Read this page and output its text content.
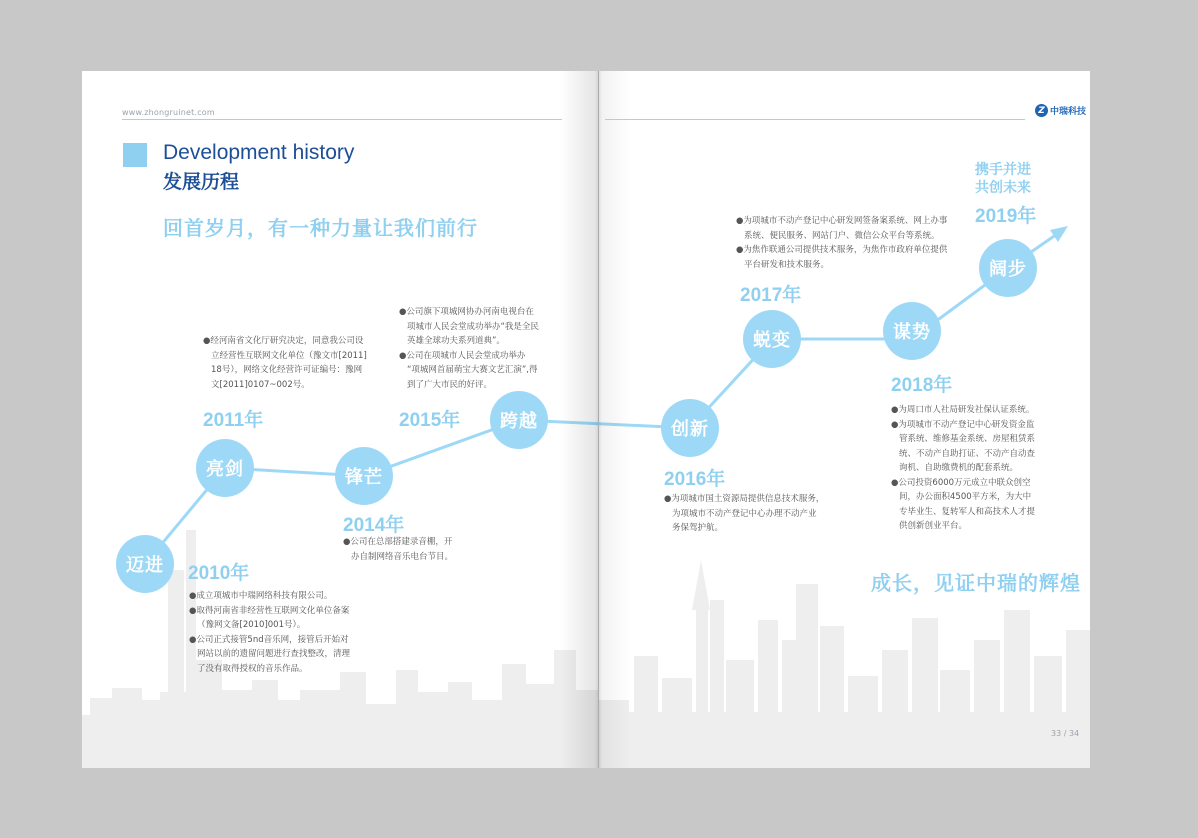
www.zhongruinet.com	Z 中瑞科技
Development history
发展历程
回首岁月，有一种力量让我们前行
成长，见证中瑞的辉煌
携手并进
共创未来
迈进
亮剑	锋芒
跨越	创新
蜕变	谋势
阔步
2010年
2011年
2014年
2015年
2016年
2017年
2018年
2019年
●成立项城市中瑞网络科技有限公司。
●取得河南省非经营性互联网文化单位备案
（豫网文备[2010]001号）。
●公司正式接管5nd音乐网，接管后开始对
网站以前的遗留问题进行查找整改，清理
了没有取得授权的音乐作品。
●经河南省文化厅研究决定，同意我公司设
立经营性互联网文化单位（豫文市[2011]
18号），网络文化经营许可证编号：豫网
文[2011]0107~002号。
●公司在总部搭建录音棚，开
办自制网络音乐电台节目。
●公司旗下项城网协办河南电视台在
项城市人民会堂成功举办“我是全民
英雄全球功夫系列道典”。
●公司在项城市人民会堂成功举办
“项城网首届萌宝大赛文艺汇演”,得
到了广大市民的好评。
●为项城市国土资源局提供信息技术服务，
为项城市不动产登记中心办理不动产业
务保驾护航。
●为项城市不动产登记中心研发网签备案系统、网上办事
系统、便民服务、网站门户、微信公众平台等系统。
●为焦作联通公司提供技术服务，为焦作市政府单位提供
平台研发和技术服务。
●为周口市人社局研发社保认证系统。
●为项城市不动产登记中心研发资金监
管系统、维修基金系统、房屋租赁系
统、不动产自助打证、不动产自动查
询机、自助缴费机的配套系统。
●公司投资6000万元成立中联众创空
间，办公面积4500平方米，为大中
专毕业生、复转军人和高技术人才提
供创新创业平台。
33 / 34
